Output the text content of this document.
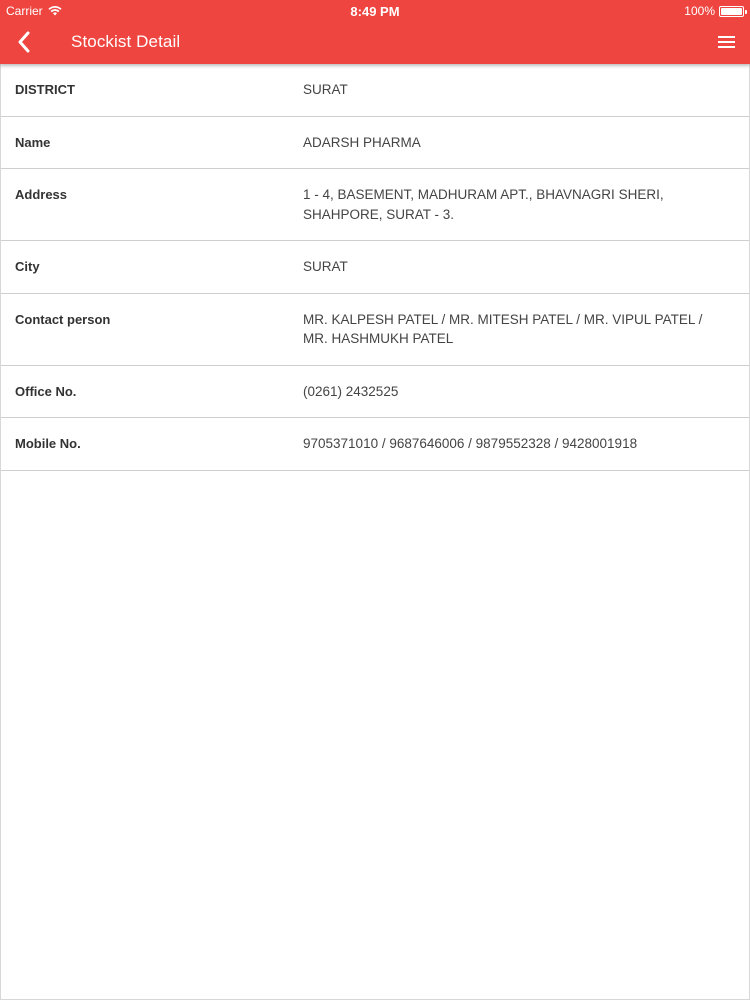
Carrier	8:49 PM	100%
Stockist Detail
DISTRICT	SURAT
Name	ADARSH PHARMA
Address	1 - 4, BASEMENT, MADHURAM APT., BHAVNAGRI SHERI, SHAHPORE, SURAT - 3.
City	SURAT
Contact person	MR. KALPESH PATEL / MR. MITESH PATEL / MR. VIPUL PATEL / MR. HASHMUKH PATEL
Office No.	(0261) 2432525
Mobile No.	9705371010 / 9687646006 / 9879552328 / 9428001918
